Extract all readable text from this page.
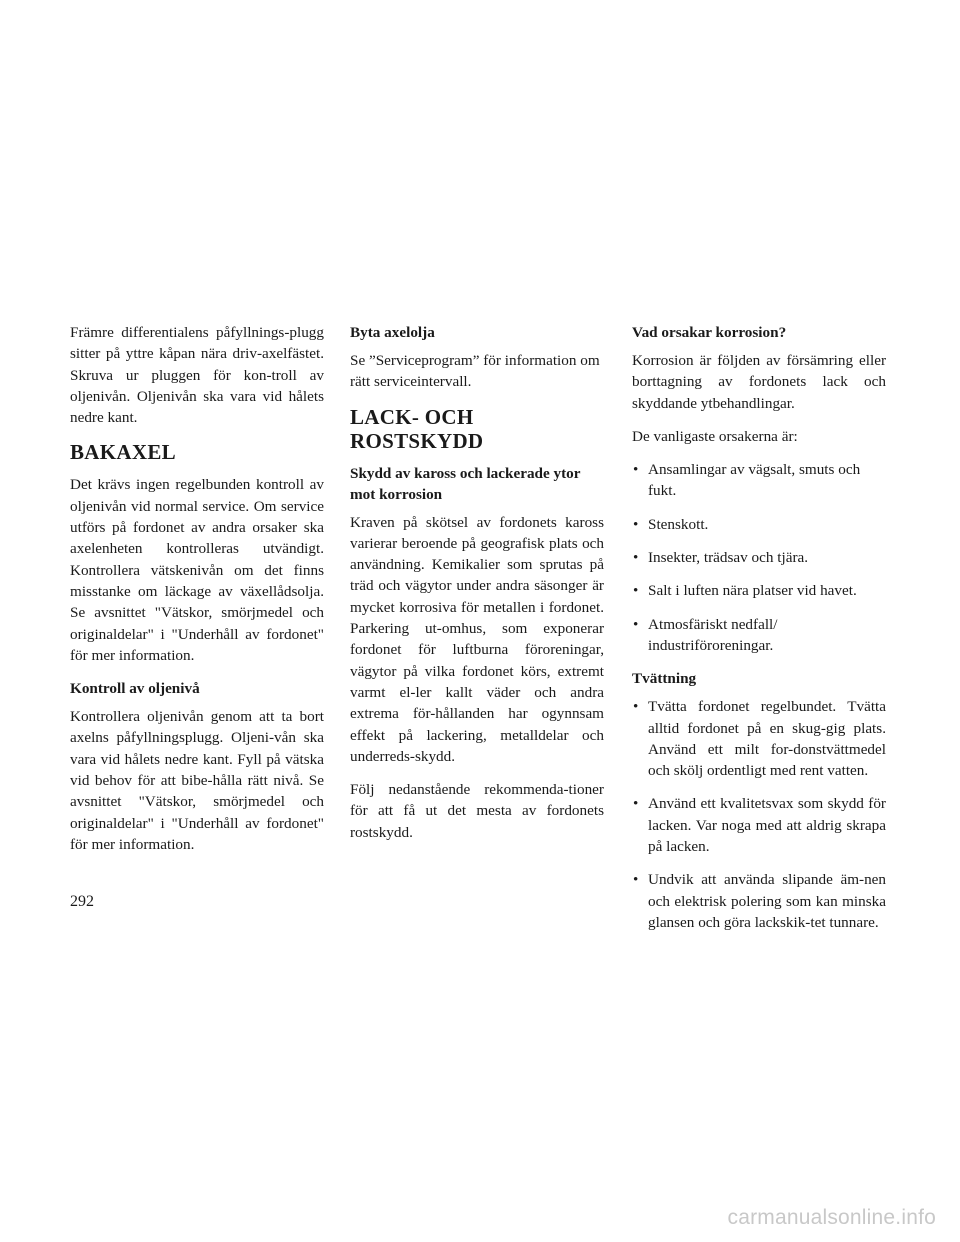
Främre differentialens påfyllnings-plugg sitter på yttre kåpan nära driv-axelfästet. Skruva ur pluggen för kon-troll av oljenivån. Oljenivån ska vara vid hålets nedre kant.

BAKAXEL

Det krävs ingen regelbunden kontroll av oljenivån vid normal service. Om service utförs på fordonet av andra orsaker ska axelenheten kontrolleras utvändigt. Kontrollera vätskenivån om det finns misstanke om läckage av växellådsolja. Se avsnittet "Vätskor, smörjmedel och originaldelar" i "Underhåll av fordonet" för mer information.

Kontroll av oljenivå

Kontrollera oljenivån genom att ta bort axelns påfyllningsplugg. Oljeni-vån ska vara vid hålets nedre kant. Fyll på vätska vid behov för att bibe-hålla rätt nivå. Se avsnittet "Vätskor, smörjmedel och originaldelar" i "Underhåll av fordonet" för mer information.

Byta axelolja

Se ”Serviceprogram” för information om rätt serviceintervall.

LACK- OCH ROSTSKYDD
Skydd av kaross och lackerade ytor mot korrosion

Kraven på skötsel av fordonets kaross varierar beroende på geografisk plats och användning. Kemikalier som sprutas på träd och vägytor under andra säsonger är mycket korrosiva för metallen i fordonet. Parkering ut-omhus, som exponerar fordonet för luftburna föroreningar, vägytor på vilka fordonet körs, extremt varmt el-ler kallt väder och andra extrema för-hållanden har ogynnsam effekt på lackering, metalldelar och underreds-skydd.

Följ nedanstående rekommenda-tioner för att få ut det mesta av fordonets rostskydd.

Vad orsakar korrosion?

Korrosion är följden av försämring eller borttagning av fordonets lack och skyddande ytbehandlingar.

De vanligaste orsakerna är:

• Ansamlingar av vägsalt, smuts och fukt.
• Stenskott.
• Insekter, trädsav och tjära.
• Salt i luften nära platser vid havet.
• Atmosfäriskt nedfall/ industriföroreningar.
Tvättning
• Tvätta fordonet regelbundet. Tvätta alltid fordonet på en skug-gig plats. Använd ett milt for-donstvättmedel och skölj ordentligt med rent vatten.
• Använd ett kvalitetsvax som skydd för lacken. Var noga med att aldrig skrapa på lacken.
• Undvik att använda slipande äm-nen och elektrisk polering som kan minska glansen och göra lackskik-tet tunnare.
292
carmanualsonline.info
